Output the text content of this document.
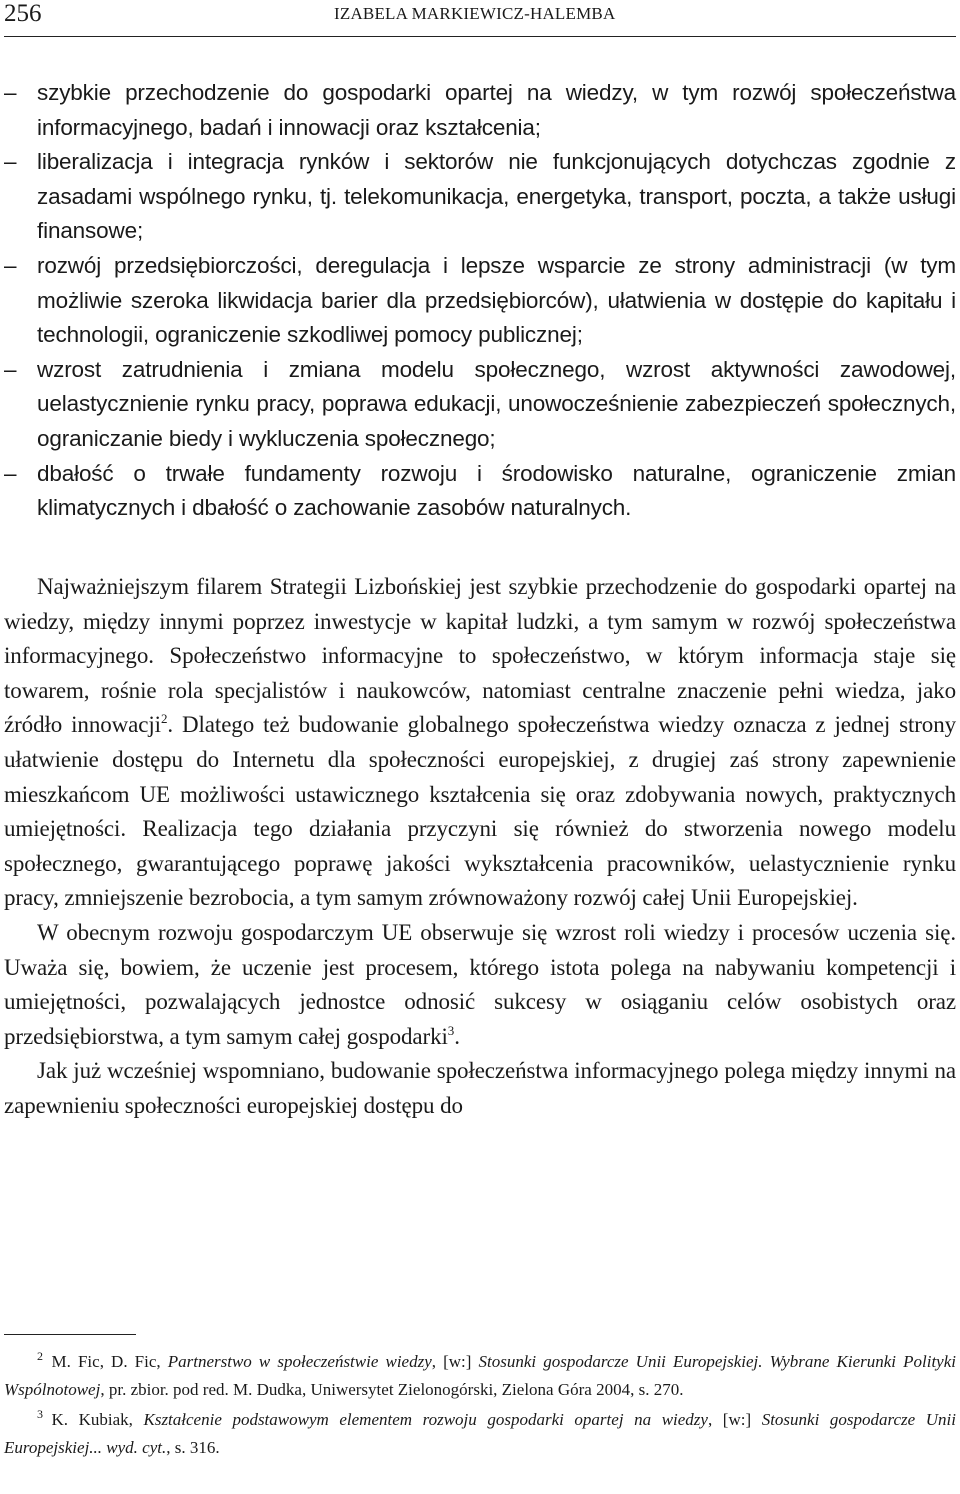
256	IZABELA MARKIEWICZ-HALEMBA
– szybkie przechodzenie do gospodarki opartej na wiedzy, w tym rozwój społeczeństwa informacyjnego, badań i innowacji oraz kształcenia;
– liberalizacja i integracja rynków i sektorów nie funkcjonujących dotychczas zgodnie z zasadami wspólnego rynku, tj. telekomunikacja, energetyka, transport, poczta, a także usługi finansowe;
– rozwój przedsiębiorczości, deregulacja i lepsze wsparcie ze strony administracji (w tym możliwie szeroka likwidacja barier dla przedsiębiorców), ułatwienia w dostępie do kapitału i technologii, ograniczenie szkodliwej pomocy publicznej;
– wzrost zatrudnienia i zmiana modelu społecznego, wzrost aktywności zawodowej, uelastycznienie rynku pracy, poprawa edukacji, unowocześnienie zabezpieczeń społecznych, ograniczanie biedy i wykluczenia społecznego;
– dbałość o trwałe fundamenty rozwoju i środowisko naturalne, ograniczenie zmian klimatycznych i dbałość o zachowanie zasobów naturalnych.

Najważniejszym filarem Strategii Lizbońskiej jest szybkie przechodzenie do gospodarki opartej na wiedzy, między innymi poprzez inwestycje w kapitał ludzki, a tym samym w rozwój społeczeństwa informacyjnego. Społeczeństwo informacyjne to społeczeństwo, w którym informacja staje się towarem, rośnie rola specjalistów i naukowców, natomiast centralne znaczenie pełni wiedza, jako źródło innowacji$^2$. Dlatego też budowanie globalnego społeczeństwa wiedzy oznacza z jednej strony ułatwienie dostępu do Internetu dla społeczności europejskiej, z drugiej zaś strony zapewnienie mieszkańcom UE możliwości ustawicznego kształcenia się oraz zdobywania nowych, praktycznych umiejętności. Realizacja tego działania przyczyni się również do stworzenia nowego modelu społecznego, gwarantującego poprawę jakości wykształcenia pracowników, uelastycznienie rynku pracy, zmniejszenie bezrobocia, a tym samym zrównoważony rozwój całej Unii Europejskiej.

W obecnym rozwoju gospodarczym UE obserwuje się wzrost roli wiedzy i procesów uczenia się. Uważa się, bowiem, że uczenie jest procesem, którego istota polega na nabywaniu kompetencji i umiejętności, pozwalających jednostce odnosić sukcesy w osiąganiu celów osobistych oraz przedsiębiorstwa, a tym samym całej gospodarki$^3$.

Jak już wcześniej wspomniano, budowanie społeczeństwa informacyjnego polega między innymi na zapewnieniu społeczności europejskiej dostępu do

$^2$   M. Fic, D. Fic, Partnerstwo w społeczeństwie wiedzy, [w:] Stosunki gospodarcze Unii Europejskiej. Wybrane Kierunki Polityki Wspólnotowej, pr. zbior. pod red. M. Dudka, Uniwersytet Zielonogórski, Zielona Góra 2004, s. 270.

$^3$   K. Kubiak, Kształcenie podstawowym elementem rozwoju gospodarki opartej na wiedzy, [w:] Stosunki gospodarcze Unii Europejskiej... wyd. cyt., s. 316.
